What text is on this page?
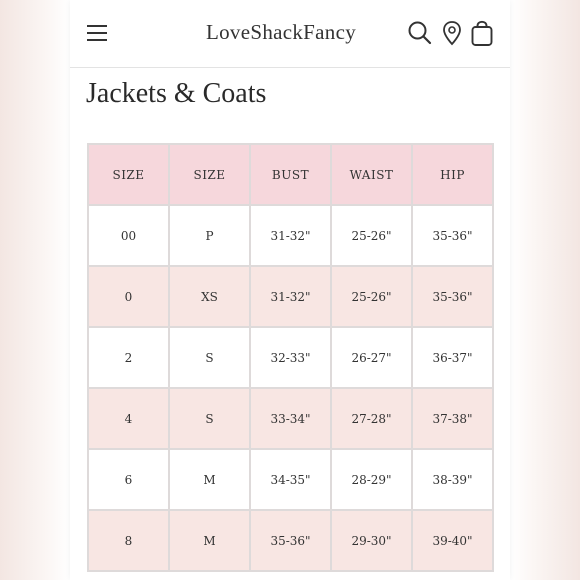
LoveShackFancy
Jackets & Coats
SIZE	SIZE	BUST	WAIST	HIP
00	P	31-32"	25-26"	35-36"
0	XS	31-32"	25-26"	35-36"
2	S	32-33"	26-27"	36-37"
4	S	33-34"	27-28"	37-38"
6	M	34-35"	28-29"	38-39"
8	M	35-36"	29-30"	39-40"
